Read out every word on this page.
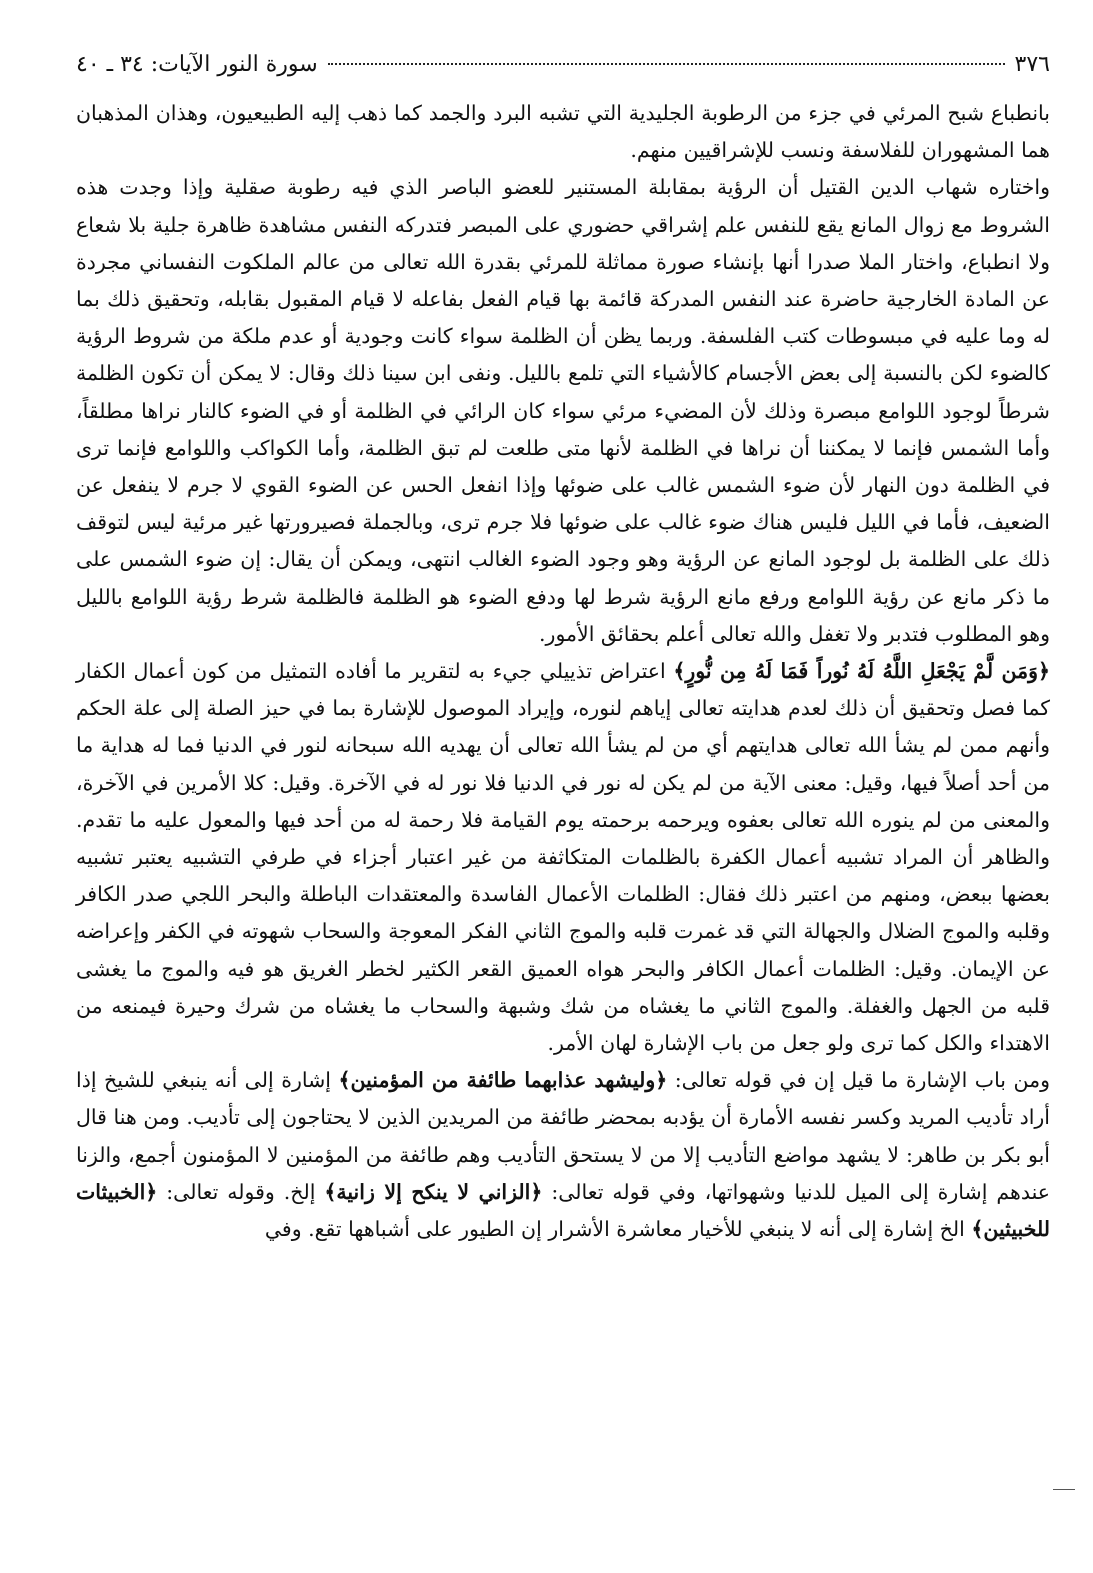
٣٧٦
سورة النور الآيات: ٣٤ ـ ٤٠

بانطباع شبح المرئي في جزء من الرطوبة الجليدية التي تشبه البرد والجمد كما ذهب إليه الطبيعيون، وهذان المذهبان هما المشهوران للفلاسفة ونسب للإشراقيين منهم.

واختاره شهاب الدين القتيل أن الرؤية بمقابلة المستنير للعضو الباصر الذي فيه رطوبة صقلية وإذا وجدت هذه الشروط مع زوال المانع يقع للنفس علم إشراقي حضوري على المبصر فتدركه النفس مشاهدة ظاهرة جلية بلا شعاع ولا انطباع، واختار الملا صدرا أنها بإنشاء صورة مماثلة للمرئي بقدرة الله تعالى من عالم الملكوت النفساني مجردة عن المادة الخارجية حاضرة عند النفس المدركة قائمة بها قيام الفعل بفاعله لا قيام المقبول بقابله، وتحقيق ذلك بما له وما عليه في مبسوطات كتب الفلسفة. وربما يظن أن الظلمة سواء كانت وجودية أو عدم ملكة من شروط الرؤية كالضوء لكن بالنسبة إلى بعض الأجسام كالأشياء التي تلمع بالليل. ونفى ابن سينا ذلك وقال: لا يمكن أن تكون الظلمة شرطاً لوجود اللوامع مبصرة وذلك لأن المضيء مرئي سواء كان الرائي في الظلمة أو في الضوء كالنار نراها مطلقاً، وأما الشمس فإنما لا يمكننا أن نراها في الظلمة لأنها متى طلعت لم تبق الظلمة، وأما الكواكب واللوامع فإنما ترى في الظلمة دون النهار لأن ضوء الشمس غالب على ضوئها وإذا انفعل الحس عن الضوء القوي لا جرم لا ينفعل عن الضعيف، فأما في الليل فليس هناك ضوء غالب على ضوئها فلا جرم ترى، وبالجملة فصيرورتها غير مرئية ليس لتوقف ذلك على الظلمة بل لوجود المانع عن الرؤية وهو وجود الضوء الغالب انتهى، ويمكن أن يقال: إن ضوء الشمس على ما ذكر مانع عن رؤية اللوامع ورفع مانع الرؤية شرط لها ودفع الضوء هو الظلمة فالظلمة شرط رؤية اللوامع بالليل وهو المطلوب فتدبر ولا تغفل والله تعالى أعلم بحقائق الأمور.

﴿وَمَن لَّمْ يَجْعَلِ اللَّهُ لَهُ نُوراً فَمَا لَهُ مِن نُّورٍ﴾ اعتراض تذييلي جيء به لتقرير ما أفاده التمثيل من كون أعمال الكفار كما فصل وتحقيق أن ذلك لعدم هدايته تعالى إياهم لنوره، وإيراد الموصول للإشارة بما في حيز الصلة إلى علة الحكم وأنهم ممن لم يشأ الله تعالى هدايتهم أي من لم يشأ الله تعالى أن يهديه الله سبحانه لنور في الدنيا فما له هداية ما من أحد أصلاً فيها، وقيل: معنى الآية من لم يكن له نور في الدنيا فلا نور له في الآخرة. وقيل: كلا الأمرين في الآخرة، والمعنى من لم ينوره الله تعالى بعفوه ويرحمه برحمته يوم القيامة فلا رحمة له من أحد فيها والمعول عليه ما تقدم. والظاهر أن المراد تشبيه أعمال الكفرة بالظلمات المتكاثفة من غير اعتبار أجزاء في طرفي التشبيه يعتبر تشبيه بعضها ببعض، ومنهم من اعتبر ذلك فقال: الظلمات الأعمال الفاسدة والمعتقدات الباطلة والبحر اللجي صدر الكافر وقلبه والموج الضلال والجهالة التي قد غمرت قلبه والموج الثاني الفكر المعوجة والسحاب شهوته في الكفر وإعراضه عن الإيمان. وقيل: الظلمات أعمال الكافر والبحر هواه العميق القعر الكثير لخطر الغريق هو فيه والموج ما يغشى قلبه من الجهل والغفلة. والموج الثاني ما يغشاه من شك وشبهة والسحاب ما يغشاه من شرك وحيرة فيمنعه من الاهتداء والكل كما ترى ولو جعل من باب الإشارة لهان الأمر.

ومن باب الإشارة ما قيل إن في قوله تعالى: ﴿وليشهد عذابهما طائفة من المؤمنين﴾ إشارة إلى أنه ينبغي للشيخ إذا أراد تأديب المريد وكسر نفسه الأمارة أن يؤدبه بمحضر طائفة من المريدين الذين لا يحتاجون إلى تأديب. ومن هنا قال أبو بكر بن طاهر: لا يشهد مواضع التأديب إلا من لا يستحق التأديب وهم طائفة من المؤمنين لا المؤمنون أجمع، والزنا عندهم إشارة إلى الميل للدنيا وشهواتها، وفي قوله تعالى: ﴿الزاني لا ينكح إلا زانية﴾ إلخ. وقوله تعالى: ﴿الخبيثات للخبيثين﴾ الخ إشارة إلى أنه لا ينبغي للأخيار معاشرة الأشرار إن الطيور على أشباهها تقع. وفي
